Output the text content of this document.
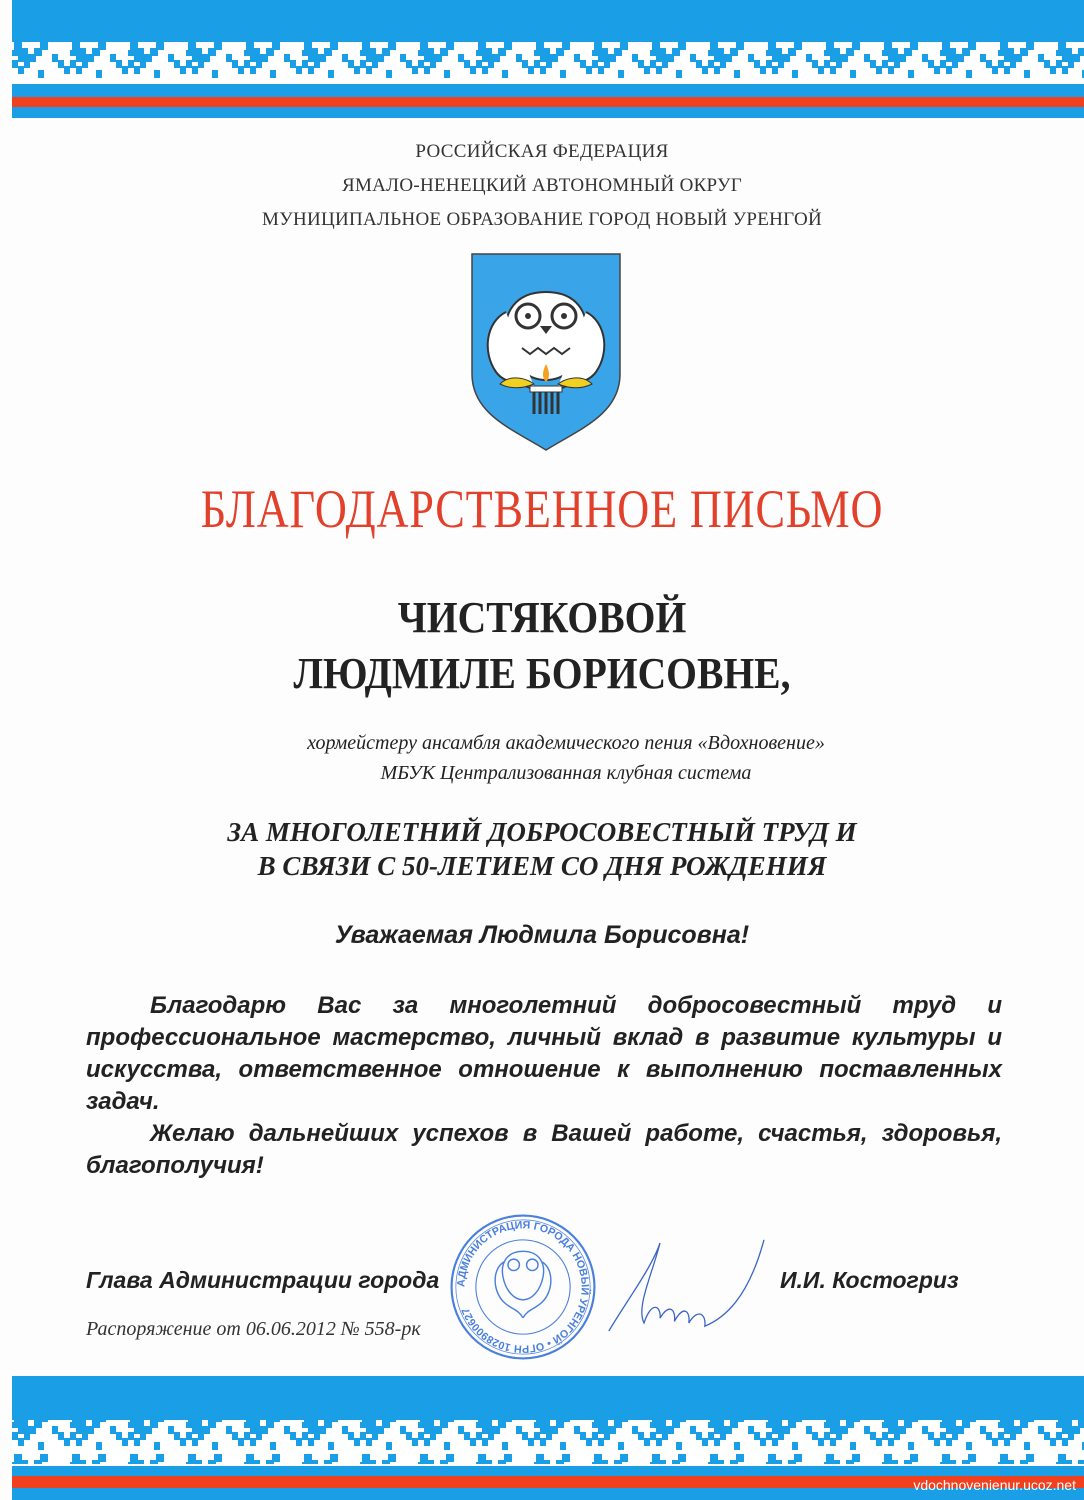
РОССИЙСКАЯ ФЕДЕРАЦИЯ
ЯМАЛО-НЕНЕЦКИЙ АВТОНОМНЫЙ ОКРУГ
МУНИЦИПАЛЬНОЕ ОБРАЗОВАНИЕ ГОРОД НОВЫЙ УРЕНГОЙ
БЛАГОДАРСТВЕННОЕ ПИСЬМО
ЧИСТЯКОВОЙ
ЛЮДМИЛЕ БОРИСОВНЕ,
хормейстеру ансамбля академического пения «Вдохновение»
МБУК Централизованная клубная система
ЗА МНОГОЛЕТНИЙ ДОБРОСОВЕСТНЫЙ ТРУД И
В СВЯЗИ С 50-ЛЕТИЕМ СО ДНЯ РОЖДЕНИЯ
Уважаемая Людмила Борисовна!

Благодарю Вас за многолетний добросовестный труд и профессиональное мастерство, личный вклад в развитие культуры и искусства, ответственное отношение к выполнению поставленных задач.

Желаю дальнейших успехов в Вашей работе, счастья, здоровья, благополучия!

Глава Администрации города	И.И. Костогриз
Распоряжение от 06.06.2012 № 558-рк
АДМИНИСТРАЦИЯ ГОРОДА НОВЫЙ УРЕНГОЙ • ОГРН 1028900627
vdochnovenienur.ucoz.net
